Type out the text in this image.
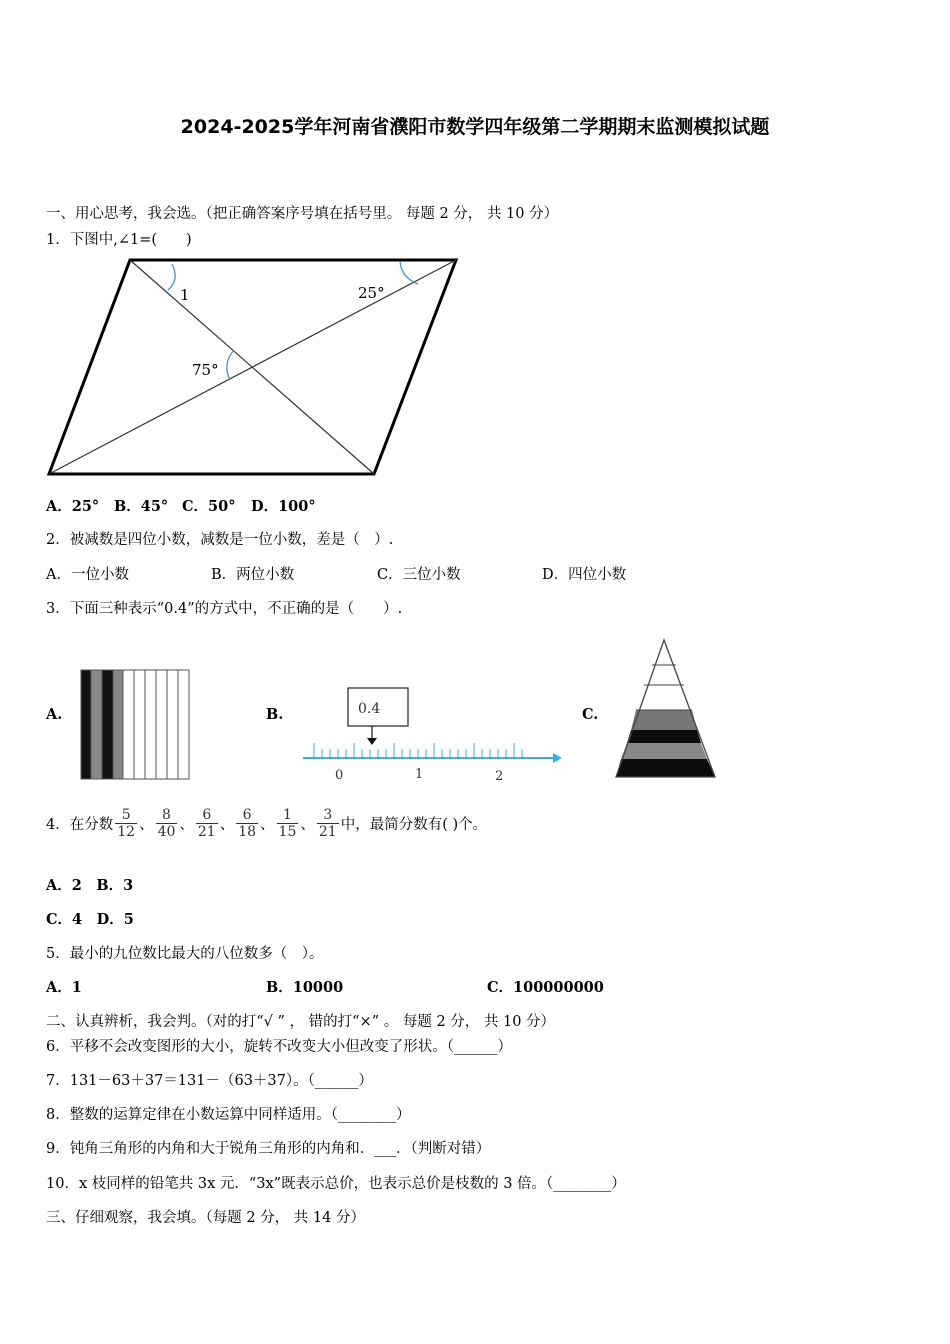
2024-2025学年河南省濮阳市数学四年级第二学期期末监测模拟试题
一、用心思考，我会选。（把正确答案序号填在括号里。 每题 2 分， 共 10 分）
1．下图中,∠1=(　　)
1	25°
75°
A．25° B．45° C．50° D．100°
2．被减数是四位小数，减数是一位小数，差是（　）.
A．一位小数	B．两位小数	C．三位小数	D．四位小数
3．下面三种表示“0.4”的方式中，不正确的是（　　）.
A.	B.	0.4
0	1	2
C.
4．在分数 $\frac{5}{12}$ 、 $\frac{8}{40}$ 、 $\frac{6}{21}$ 、 $\frac{6}{18}$ 、 $\frac{1}{15}$ 、 $\frac{3}{21}$ 中，最简分数有( )个。
A．2　B．3
C．4　D．5
5．最小的九位数比最大的八位数多（　）。
A．1	B．10000	C．100000000
二、认真辨析，我会判。（对的打“√ ” ， 错的打“×” 。 每题 2 分， 共 10 分）
6．平移不会改变图形的大小，旋转不改变大小但改变了形状。（______）
7．131－63＋37＝131－（63＋37）。（______）
8．整数的运算定律在小数运算中同样适用。（________）
9．钝角三角形的内角和大于锐角三角形的内角和．___．（判断对错）
10．x 枝同样的铅笔共 3x 元．“3x”既表示总价，也表示总价是枝数的 3 倍。（________）
三、仔细观察，我会填。（每题 2 分， 共 14 分）
